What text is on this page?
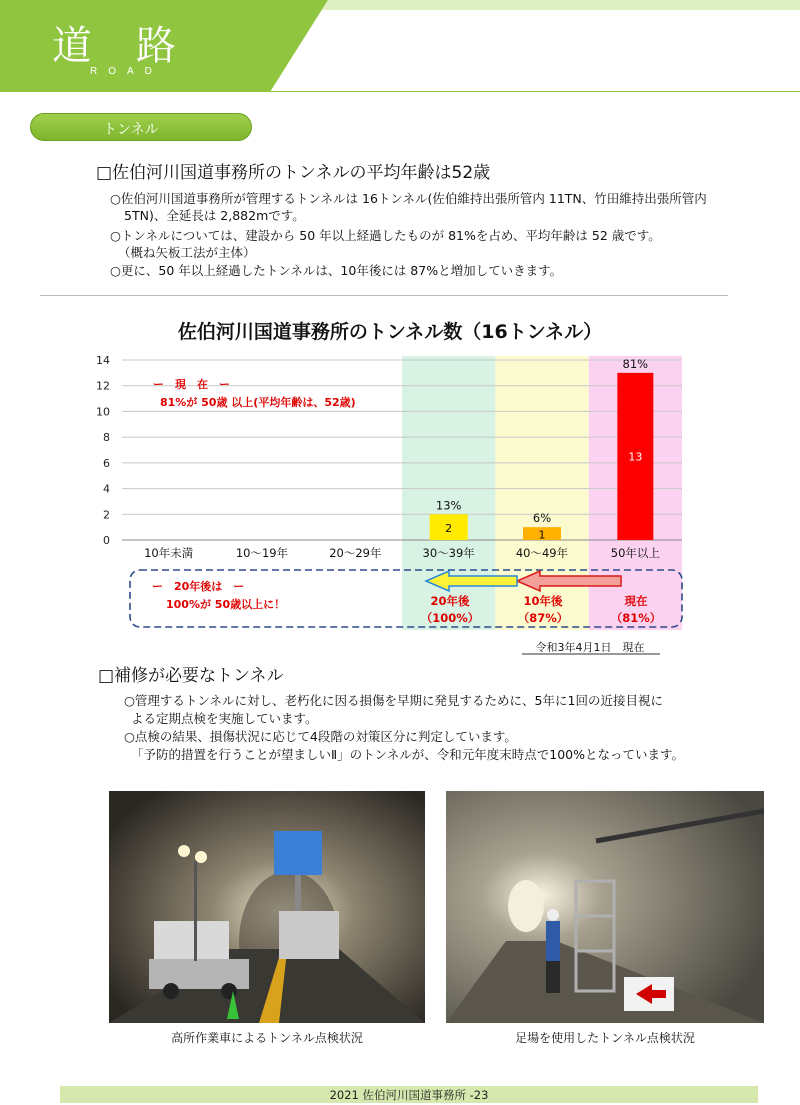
道路
ROAD
トンネル
□佐伯河川国道事務所のトンネルの平均年齢は52歳
○佐伯河川国道事務所が管理するトンネルは 16トンネル(佐伯維持出張所管内 11TN、竹田維持出張所管内
5TN)、全延長は 2,882mです。
○トンネルについては、建設から 50 年以上経過したものが 81%を占め、平均年齢は 52 歳です。
（概ね矢板工法が主体）
○更に、50 年以上経過したトンネルは、10年後には 87%と増加していきます。
佐伯河川国道事務所のトンネル数（16トンネル）
2
13%
1
6%
13
81%
0
2
4
6
8
10
12
14
10年未満	10～19年	20～29年	30～39年	40～49年	50年以上
ー　現　在　ー
81%が 50歳 以上(平均年齢は、52歳)
ー　20年後は　ー
100%が 50歳以上に！	20年後
（100%）
10年後
（87%）
現在
（81%）
令和3年4月1日　現在
□補修が必要なトンネル
○管理するトンネルに対し、老朽化に因る損傷を早期に発見するために、5年に1回の近接目視に
よる定期点検を実施しています。
○点検の結果、損傷状況に応じて4段階の対策区分に判定しています。
「予防的措置を行うことが望ましいⅡ」のトンネルが、令和元年度末時点で100%となっています。
高所作業車によるトンネル点検状況	足場を使用したトンネル点検状況
2021 佐伯河川国道事務所 -23
